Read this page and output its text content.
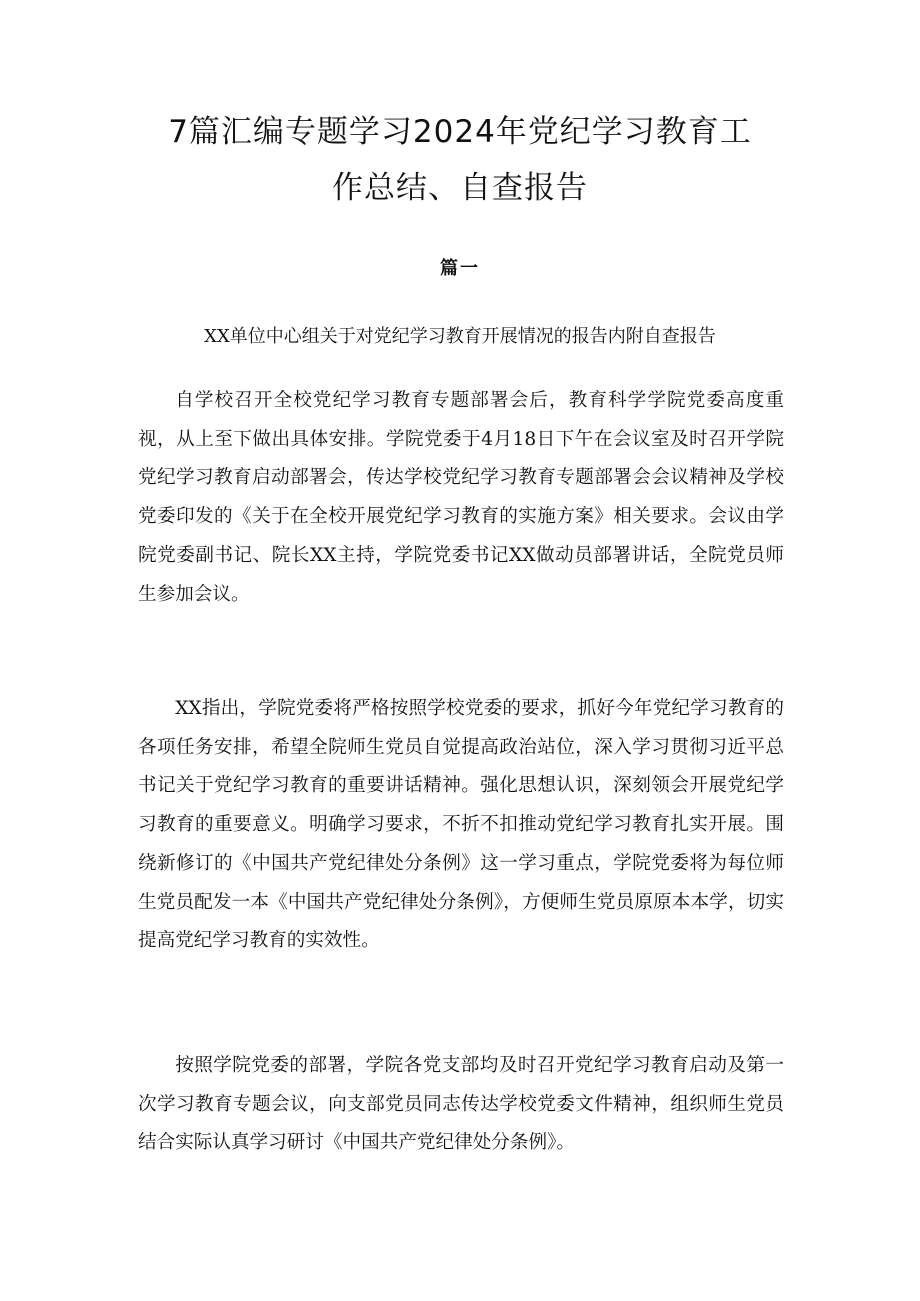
7篇汇编专题学习2024年党纪学习教育工
作总结、自查报告
篇一

XX单位中心组关于对党纪学习教育开展情况的报告内附自查报告

自学校召开全校党纪学习教育专题部署会后，教育科学学院党委高度重视，从上至下做出具体安排。学院党委于4月18日下午在会议室及时召开学院党纪学习教育启动部署会，传达学校党纪学习教育专题部署会会议精神及学校党委印发的《关于在全校开展党纪学习教育的实施方案》相关要求。会议由学院党委副书记、院长XX主持，学院党委书记XX做动员部署讲话，全院党员师生参加会议。

XX指出，学院党委将严格按照学校党委的要求，抓好今年党纪学习教育的各项任务安排，希望全院师生党员自觉提高政治站位，深入学习贯彻习近平总书记关于党纪学习教育的重要讲话精神。强化思想认识，深刻领会开展党纪学习教育的重要意义。明确学习要求，不折不扣推动党纪学习教育扎实开展。围绕新修订的《中国共产党纪律处分条例》这一学习重点，学院党委将为每位师生党员配发一本《中国共产党纪律处分条例》，方便师生党员原原本本学，切实提高党纪学习教育的实效性。

按照学院党委的部署，学院各党支部均及时召开党纪学习教育启动及第一次学习教育专题会议，向支部党员同志传达学校党委文件精神，组织师生党员结合实际认真学习研讨《中国共产党纪律处分条例》。
